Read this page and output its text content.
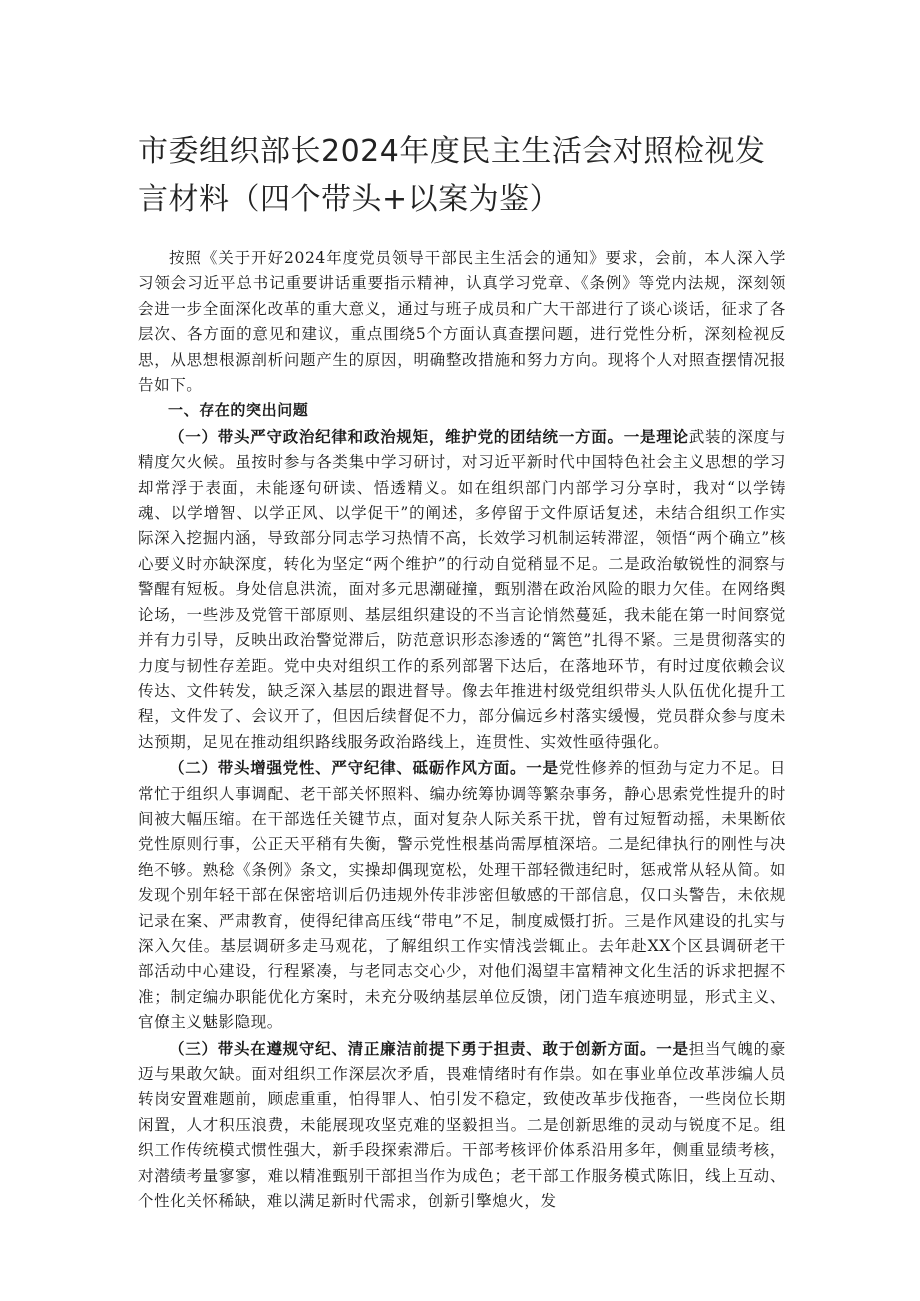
市委组织部长2024年度民主生活会对照检视发言材料（四个带头+以案为鉴）

按照《关于开好2024年度党员领导干部民主生活会的通知》要求，会前，本人深入学习领会习近平总书记重要讲话重要指示精神，认真学习党章、《条例》等党内法规，深刻领会进一步全面深化改革的重大意义，通过与班子成员和广大干部进行了谈心谈话，征求了各层次、各方面的意见和建议，重点围绕5个方面认真查摆问题，进行党性分析，深刻检视反思，从思想根源剖析问题产生的原因，明确整改措施和努力方向。现将个人对照查摆情况报告如下。

一、存在的突出问题

（一）带头严守政治纪律和政治规矩，维护党的团结统一方面。一是理论武装的深度与精度欠火候。虽按时参与各类集中学习研讨，对习近平新时代中国特色社会主义思想的学习却常浮于表面，未能逐句研读、悟透精义。如在组织部门内部学习分享时，我对“以学铸魂、以学增智、以学正风、以学促干”的阐述，多停留于文件原话复述，未结合组织工作实际深入挖掘内涵，导致部分同志学习热情不高，长效学习机制运转滞涩，领悟“两个确立”核心要义时亦缺深度，转化为坚定“两个维护”的行动自觉稍显不足。二是政治敏锐性的洞察与警醒有短板。身处信息洪流，面对多元思潮碰撞，甄别潜在政治风险的眼力欠佳。在网络舆论场，一些涉及党管干部原则、基层组织建设的不当言论悄然蔓延，我未能在第一时间察觉并有力引导，反映出政治警觉滞后，防范意识形态渗透的“篱笆”扎得不紧。三是贯彻落实的力度与韧性存差距。党中央对组织工作的系列部署下达后，在落地环节，有时过度依赖会议传达、文件转发，缺乏深入基层的跟进督导。像去年推进村级党组织带头人队伍优化提升工程，文件发了、会议开了，但因后续督促不力，部分偏远乡村落实缓慢，党员群众参与度未达预期，足见在推动组织路线服务政治路线上，连贯性、实效性亟待强化。

（二）带头增强党性、严守纪律、砥砺作风方面。一是党性修养的恒劲与定力不足。日常忙于组织人事调配、老干部关怀照料、编办统筹协调等繁杂事务，静心思索党性提升的时间被大幅压缩。在干部选任关键节点，面对复杂人际关系干扰，曾有过短暂动摇，未果断依党性原则行事，公正天平稍有失衡，警示党性根基尚需厚植深培。二是纪律执行的刚性与决绝不够。熟稔《条例》条文，实操却偶现宽松，处理干部轻微违纪时，惩戒常从轻从简。如发现个别年轻干部在保密培训后仍违规外传非涉密但敏感的干部信息，仅口头警告，未依规记录在案、严肃教育，使得纪律高压线“带电”不足，制度威慑打折。三是作风建设的扎实与深入欠佳。基层调研多走马观花，了解组织工作实情浅尝辄止。去年赴XX个区县调研老干部活动中心建设，行程紧凑，与老同志交心少，对他们渴望丰富精神文化生活的诉求把握不准；制定编办职能优化方案时，未充分吸纳基层单位反馈，闭门造车痕迹明显，形式主义、官僚主义魅影隐现。

（三）带头在遵规守纪、清正廉洁前提下勇于担责、敢于创新方面。一是担当气魄的豪迈与果敢欠缺。面对组织工作深层次矛盾，畏难情绪时有作祟。如在事业单位改革涉编人员转岗安置难题前，顾虑重重，怕得罪人、怕引发不稳定，致使改革步伐拖沓，一些岗位长期闲置，人才积压浪费，未能展现攻坚克难的坚毅担当。二是创新思维的灵动与锐度不足。组织工作传统模式惯性强大，新手段探索滞后。干部考核评价体系沿用多年，侧重显绩考核，对潜绩考量寥寥，难以精准甄别干部担当作为成色；老干部工作服务模式陈旧，线上互动、个性化关怀稀缺，难以满足新时代需求，创新引擎熄火，发
